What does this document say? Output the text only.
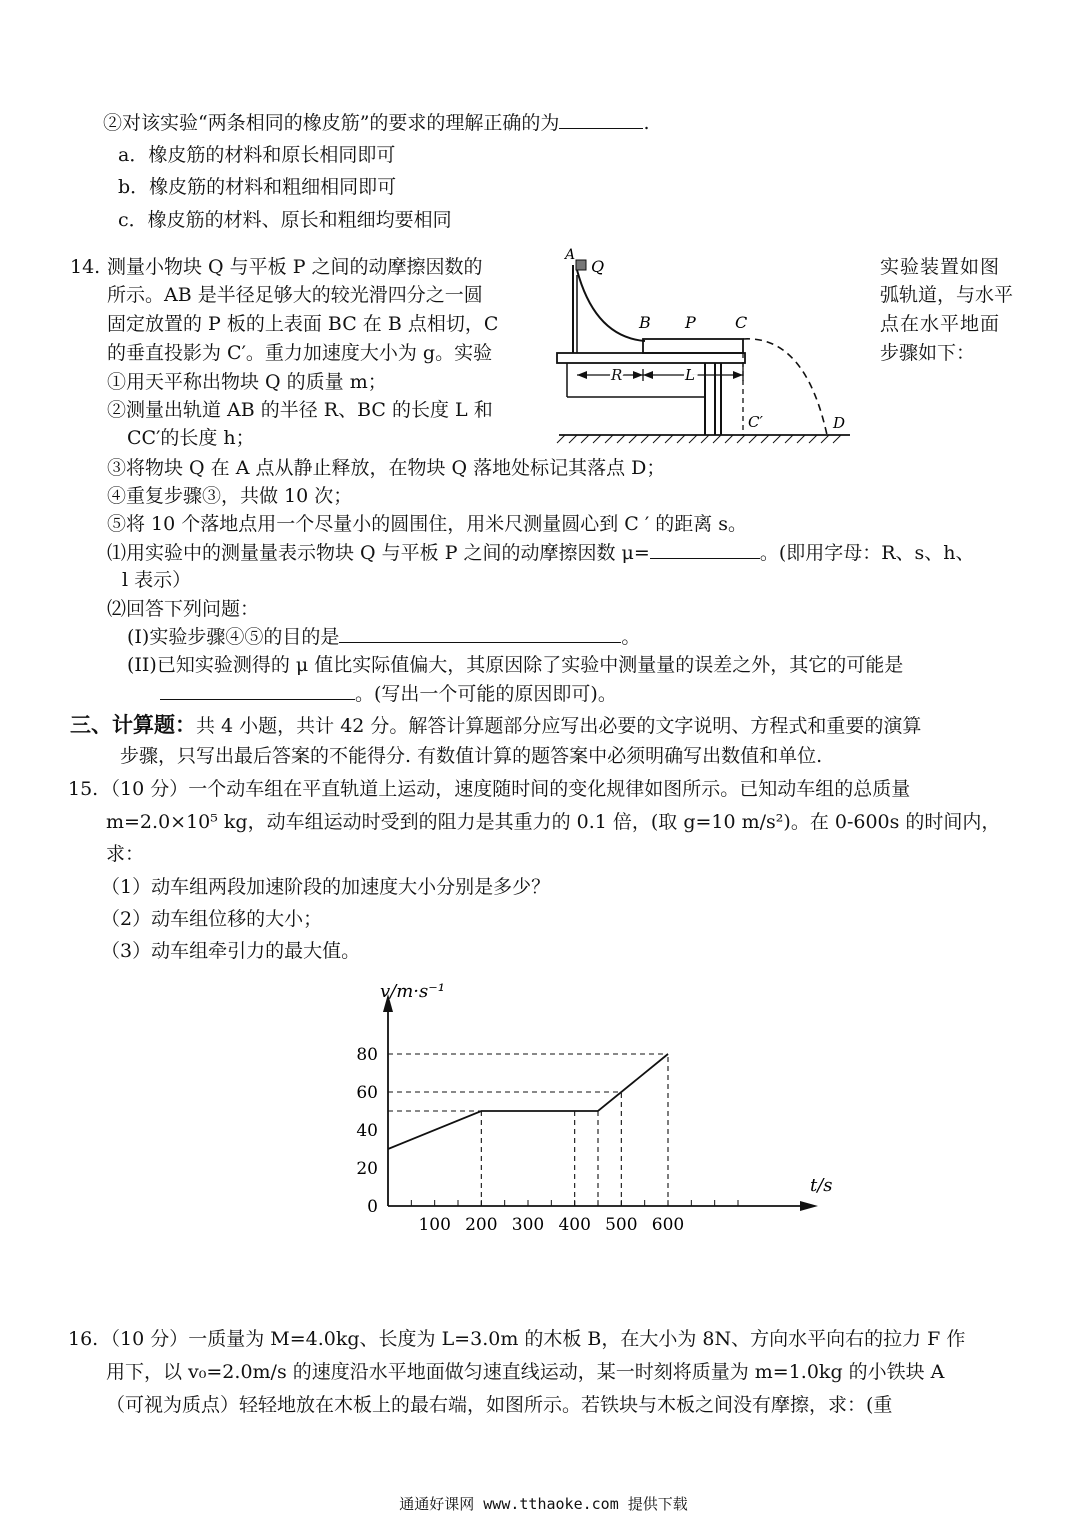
②对该实验“两条相同的橡皮筋”的要求的理解正确的为	.
a．橡皮筋的材料和原长相同即可
b．橡皮筋的材料和粗细相同即可
c．橡皮筋的材料、原长和粗细均要相同
14. 测量小物块 Q 与平板 P 之间的动摩擦因数的
所示。AB 是半径足够大的较光滑四分之一圆
固定放置的 P 板的上表面 BC 在 B 点相切，C
的垂直投影为 C′。重力加速度大小为 g。实验
实验装置如图
弧轨道，与水平
点在水平地面
步骤如下：
A
Q
B P C
R	L
C′	D
①用天平称出物块 Q 的质量 m；
②测量出轨道 AB 的半径 R、BC 的长度 L 和
CC′的长度 h；
③将物块 Q 在 A 点从静止释放，在物块 Q 落地处标记其落点 D；
④重复步骤③，共做 10 次；
⑤将 10 个落地点用一个尽量小的圆围住，用米尺测量圆心到 C ′ 的距离 s。
⑴用实验中的测量量表示物块 Q 与平板 P 之间的动摩擦因数 μ=	。(即用字母：R、s、h、
l 表示）
⑵回答下列问题：
(I)实验步骤④⑤的目的是	。
(II)已知实验测得的 μ 值比实际值偏大，其原因除了实验中测量量的误差之外，其它的可能是
。(写出一个可能的原因即可)。
三、计算题：共 4 小题，共计 42 分。解答计算题部分应写出必要的文字说明、方程式和重要的演算
步骤，只写出最后答案的不能得分. 有数值计算的题答案中必须明确写出数值和单位.
15. （10 分）一个动车组在平直轨道上运动，速度随时间的变化规律如图所示。已知动车组的总质量
m=2.0×10⁵ kg，动车组运动时受到的阻力是其重力的 0.1 倍，(取 g=10 m/s²)。在 0-600s 的时间内，
求：
（1）动车组两段加速阶段的加速度大小分别是多少？
（2）动车组位移的大小；
（3）动车组牵引力的最大值。
100 200 300 400 500 600
0
20
40
60
80
v/m·s⁻¹
t/s
16. （10 分）一质量为 M=4.0kg、长度为 L=3.0m 的木板 B，在大小为 8N、方向水平向右的拉力 F 作
用下，以 v₀=2.0m/s 的速度沿水平地面做匀速直线运动，某一时刻将质量为 m=1.0kg 的小铁块 A
（可视为质点）轻轻地放在木板上的最右端，如图所示。若铁块与木板之间没有摩擦，求：(重
通通好课网 www.tthaoke.com 提供下载
